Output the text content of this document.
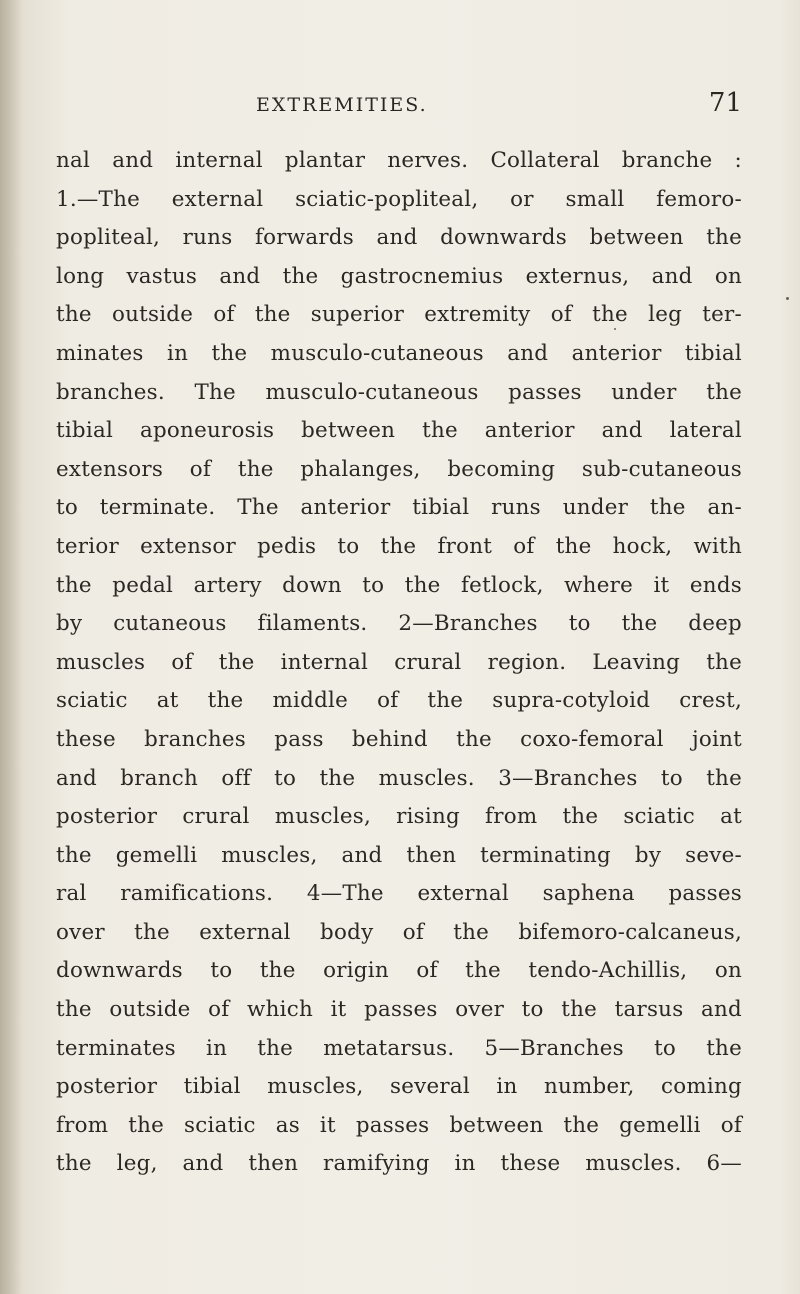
EXTREMITIES.	71
nal and internal plantar nerves. Collateral branche :
1.—The external sciatic-popliteal, or small femoro-
popliteal, runs forwards and downwards between the
long vastus and the gastrocnemius externus, and on
the outside of the superior extremity of the leg ter-
minates in the musculo-cutaneous and anterior tibial
branches. The musculo-cutaneous passes under the
tibial aponeurosis between the anterior and lateral
extensors of the phalanges, becoming sub-cutaneous
to terminate. The anterior tibial runs under the an-
terior extensor pedis to the front of the hock, with
the pedal artery down to the fetlock, where it ends
by cutaneous filaments. 2—Branches to the deep
muscles of the internal crural region. Leaving the
sciatic at the middle of the supra-cotyloid crest,
these branches pass behind the coxo-femoral joint
and branch off to the muscles. 3—Branches to the
posterior crural muscles, rising from the sciatic at
the gemelli muscles, and then terminating by seve-
ral ramifications. 4—The external saphena passes
over the external body of the bifemoro-calcaneus,
downwards to the origin of the tendo-Achillis, on
the outside of which it passes over to the tarsus and
terminates in the metatarsus. 5—Branches to the
posterior tibial muscles, several in number, coming
from the sciatic as it passes between the gemelli of
the leg, and then ramifying in these muscles. 6—
